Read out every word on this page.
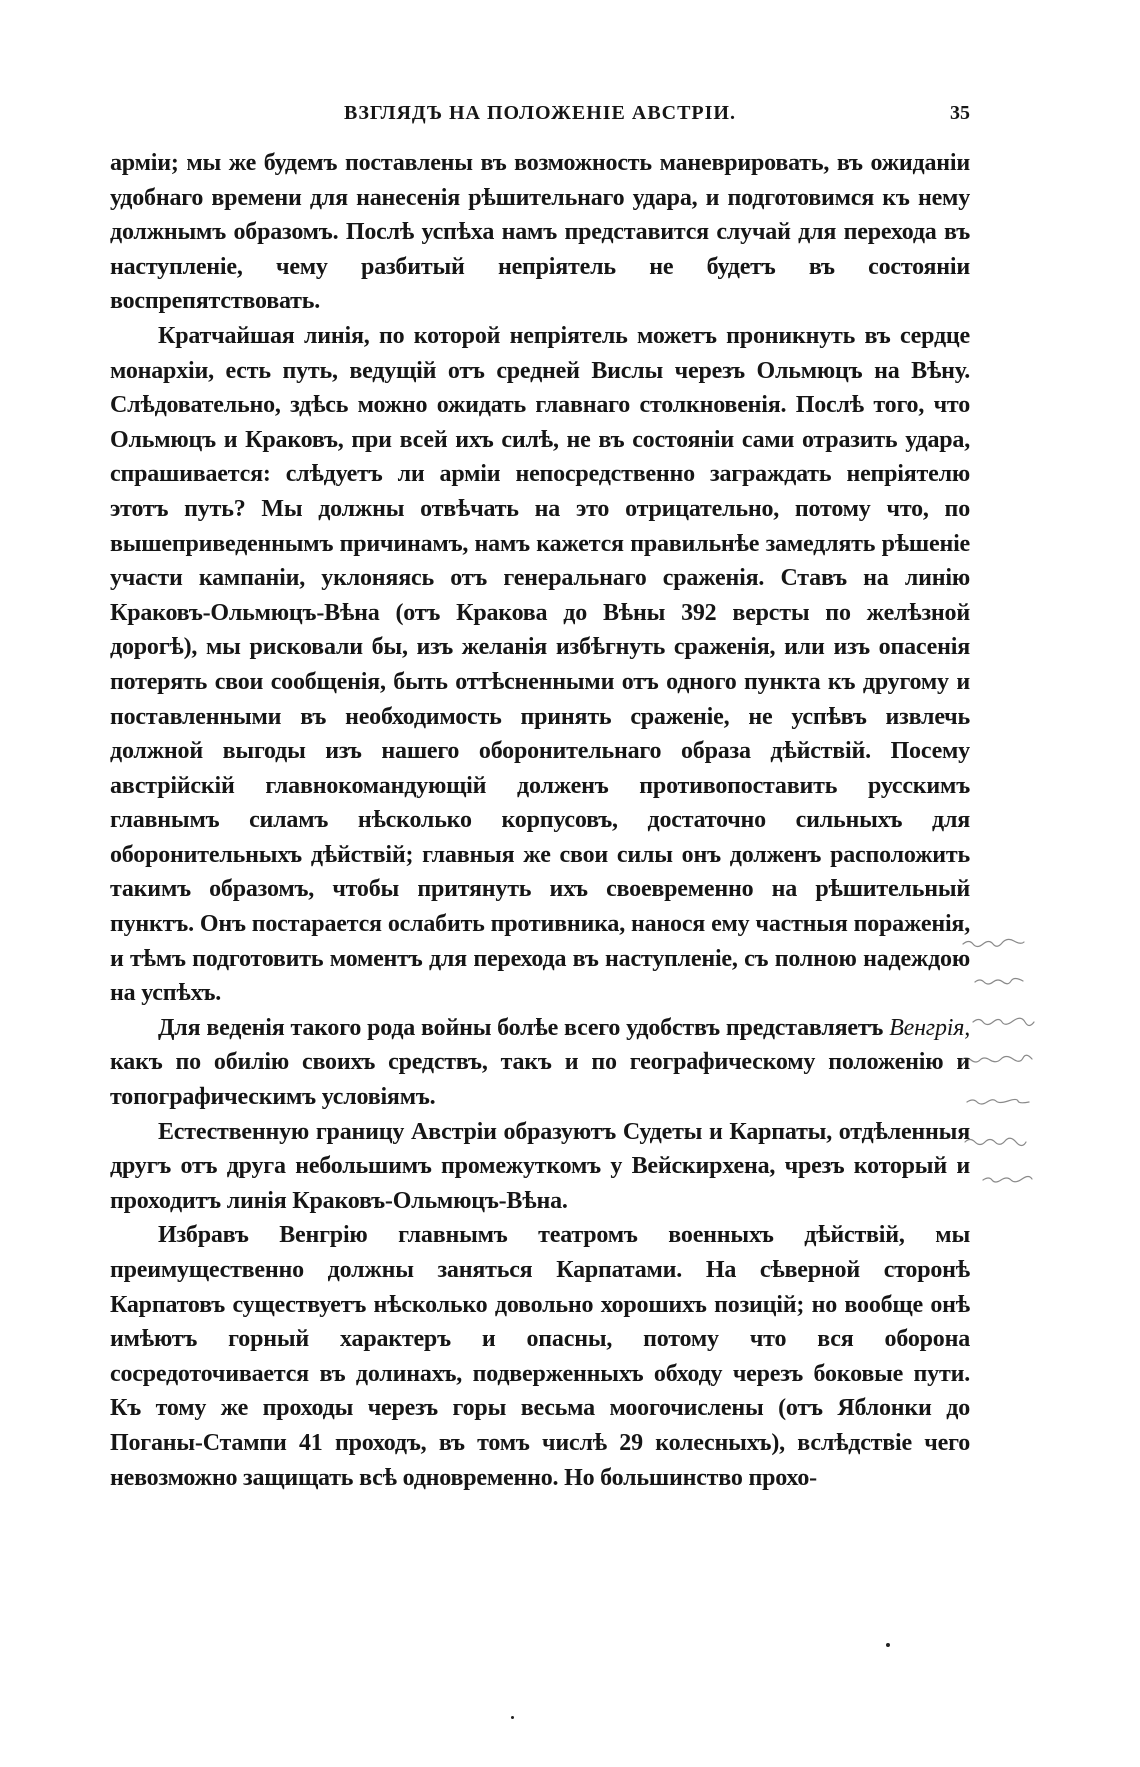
ВЗГЛЯДЪ НА ПОЛОЖЕНІЕ АВСТРІИ.	35

арміи; мы же будемъ поставлены въ возможность маневрировать, въ ожиданіи удобнаго времени для нанесенія рѣшительнаго удара, и подготовимся къ нему должнымъ образомъ. Послѣ успѣха намъ представится случай для перехода въ наступленіе, чему разбитый непріятель не будетъ въ состояніи воспрепятствовать.

Кратчайшая линія, по которой непріятель можетъ проникнуть въ сердце монархіи, есть путь, ведущій отъ средней Вислы черезъ Ольмюцъ на Вѣну. Слѣдовательно, здѣсь можно ожидать главнаго столкновенія. Послѣ того, что Ольмюцъ и Краковъ, при всей ихъ силѣ, не въ состояніи сами отразить удара, спрашивается: слѣдуетъ ли арміи непосредственно заграждать непріятелю этотъ путь? Мы должны отвѣчать на это отрицательно, потому что, по вышеприведеннымъ причинамъ, намъ кажется правильнѣе замедлять рѣшеніе участи кампаніи, уклоняясь отъ генеральнаго сраженія. Ставъ на линію Краковъ-Ольмюцъ-Вѣна (отъ Кракова до Вѣны 392 версты по желѣзной дорогѣ), мы рисковали бы, изъ желанія избѣгнуть сраженія, или изъ опасенія потерять свои сообщенія, быть оттѣсненными отъ одного пункта къ другому и поставленными въ необходимость принять сраженіе, не успѣвъ извлечь должной выгоды изъ нашего оборонительнаго образа дѣйствій. Посему австрійскій главнокомандующій долженъ противопоставить русскимъ главнымъ силамъ нѣсколько корпусовъ, достаточно сильныхъ для оборонительныхъ дѣйствій; главныя же свои силы онъ долженъ расположить такимъ образомъ, чтобы притянуть ихъ своевременно на рѣшительный пунктъ. Онъ постарается ослабить противника, нанося ему частныя пораженія, и тѣмъ подготовить моментъ для перехода въ наступленіе, съ полною надеждою на успѣхъ.

Для веденія такого рода войны болѣе всего удобствъ представляетъ Венгрія, какъ по обилію своихъ средствъ, такъ и по географическому положенію и топографическимъ условіямъ.

Естественную границу Австріи образуютъ Судеты и Карпаты, отдѣленныя другъ отъ друга небольшимъ промежуткомъ у Вейскирхена, чрезъ который и проходитъ линія Краковъ-Ольмюцъ-Вѣна.

Избравъ Венгрію главнымъ театромъ военныхъ дѣйствій, мы преимущественно должны заняться Карпатами. На сѣверной сторонѣ Карпатовъ существуетъ нѣсколько довольно хорошихъ позицій; но вообще онѣ имѣютъ горный характеръ и опасны, потому что вся оборона сосредоточивается въ долинахъ, подверженныхъ обходу черезъ боковые пути. Къ тому же проходы черезъ горы весьма моогочислены (отъ Яблонки до Поганы-Стампи 41 проходъ, въ томъ числѣ 29 колесныхъ), вслѣдствіе чего невозможно защищать всѣ одновременно. Но большинство прохо-
